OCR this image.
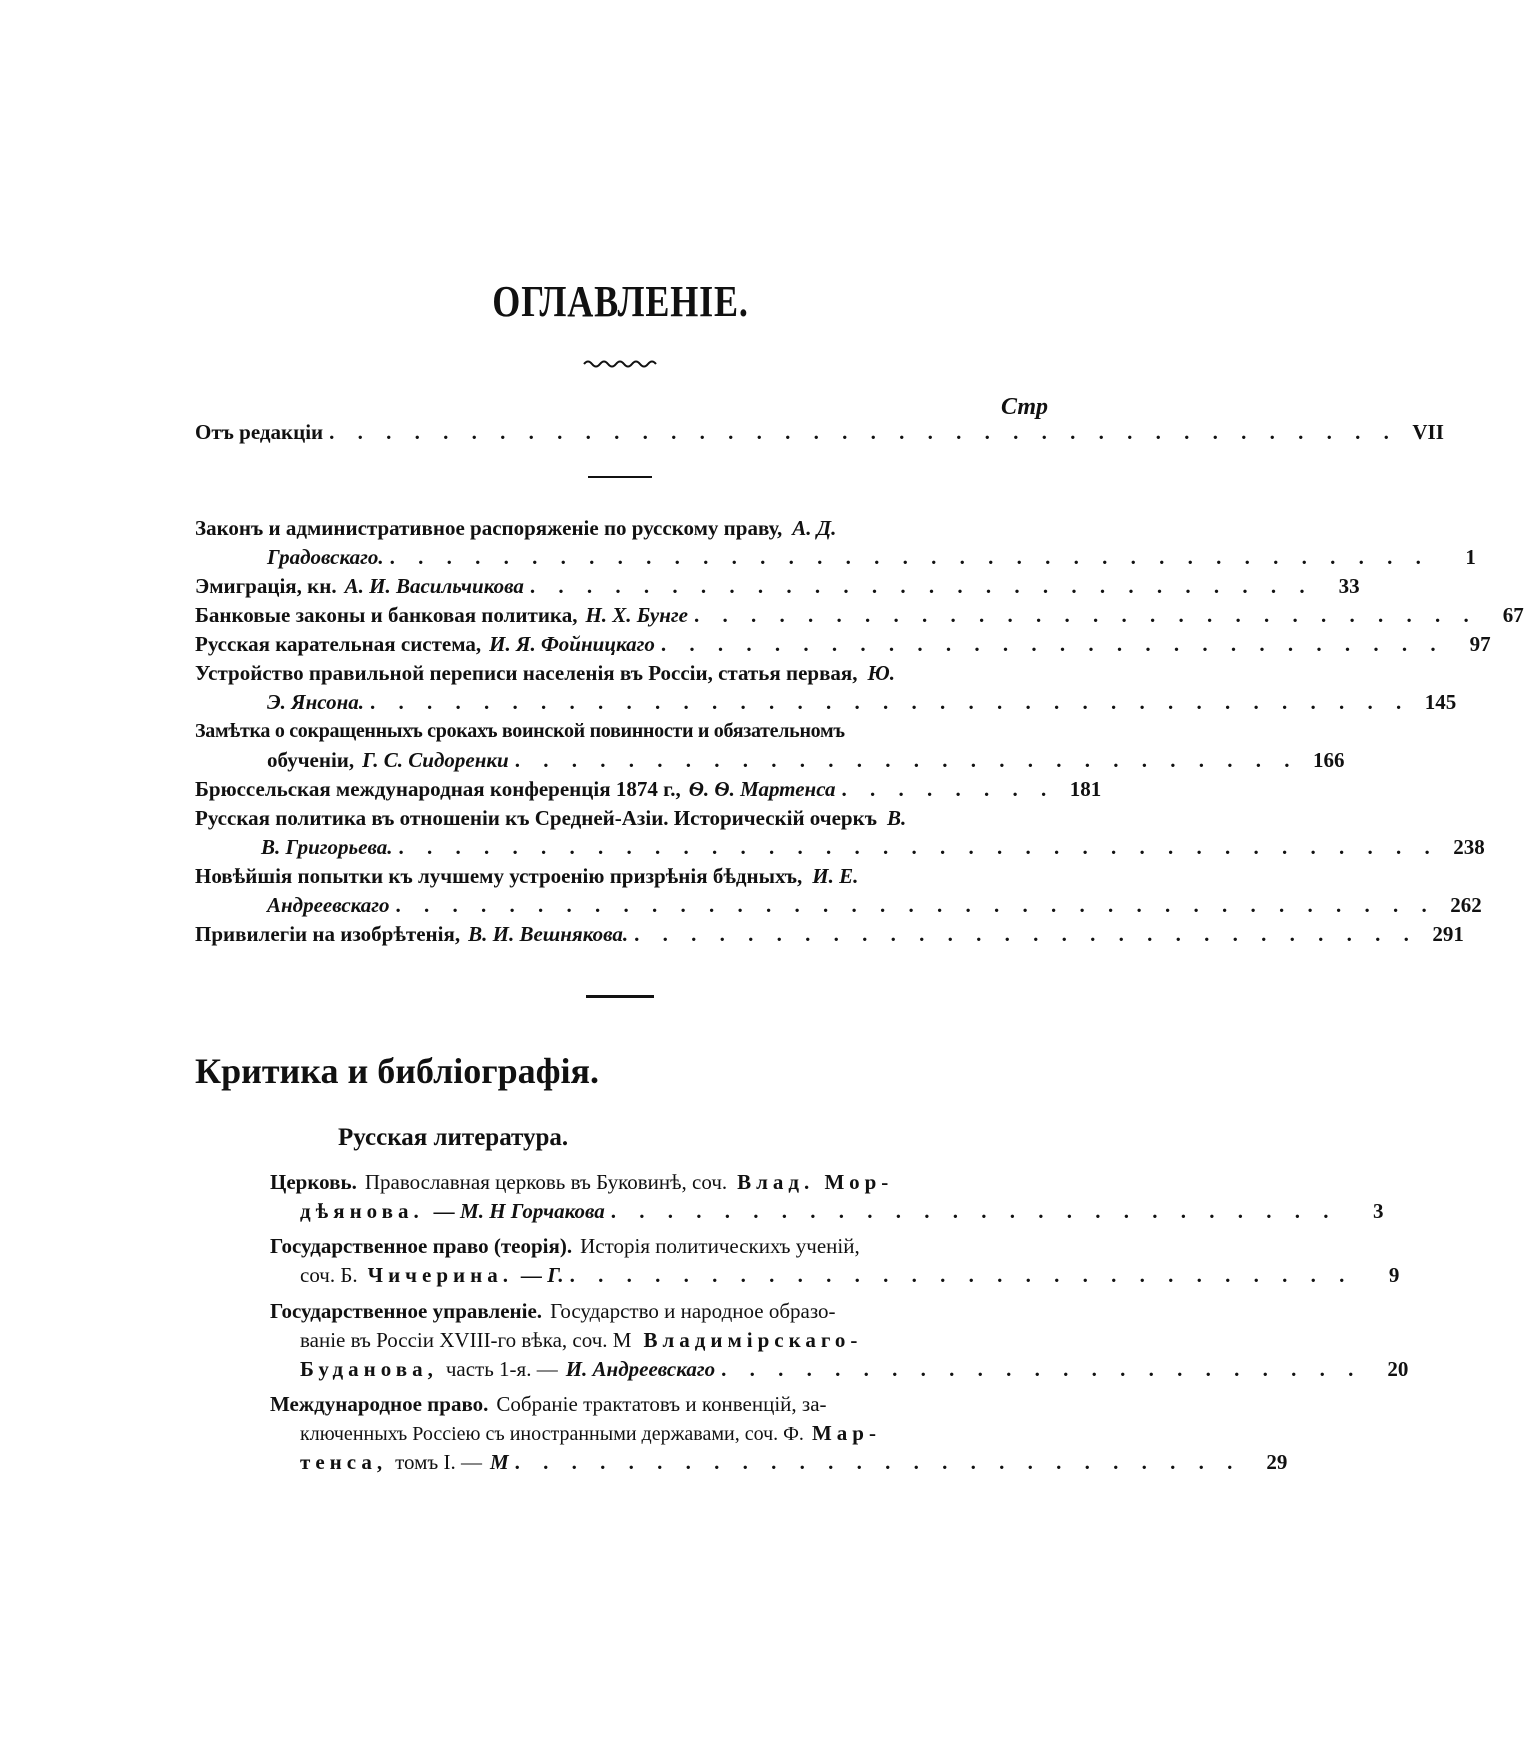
ОГЛАВЛЕНІЕ.
Стр
Отъ редакціи . . . . . . . . . . . . . . . . . . . . . . . . . . . . . . . . . . . . . . VII
Законъ и административное распоряженіе по русскому праву, А. Д.
Градовскаго. . . . . . . . . . . . . . . . . . . . . . . . . . . . . . . . . . . . . .	1
Эмиграція, кн. А. И. Васильчикова . . . . . . . . . . . . . . . . . . . . . . . . . . . .	33
Банковые законы и банковая политика, Н. Х. Бунге . . . . . . . . . . . . . . . . . . . . . . . . . . . .	67
Русская карательная система, И. Я. Фойницкаго . . . . . . . . . . . . . . . . . . . . . . . . . . . .	97
Устройство правильной переписи населенія въ Россіи, статья первая, Ю.
Э. Янсона. . . . . . . . . . . . . . . . . . . . . . . . . . . . . . . . . . . . . . 145
Замѣтка о сокращенныхъ срокахъ воинской повинности и обязательномъ
обученіи, Г. С. Сидоренки . . . . . . . . . . . . . . . . . . . . . . . . . . . . 166
Брюссельская международная конференція 1874 г., Ѳ. Ѳ. Мартенса . . . . . . . . 181
Русская политика въ отношеніи къ Средней-Азіи. Историческій очеркъ В.
В. Григорьева. . . . . . . . . . . . . . . . . . . . . . . . . . . . . . . . . . . . . . 238
Новѣйшія попытки къ лучшему устроенію призрѣнія бѣдныхъ, И. Е.
Андреевскаго . . . . . . . . . . . . . . . . . . . . . . . . . . . . . . . . . . . . . 262
Привилегіи на изобрѣтенія, В. И. Вешнякова. . . . . . . . . . . . . . . . . . . . . . . . . . . . . 291
Критика и библіографія.
Русская литература.
Церковь. Православная церковь въ Буковинѣ, соч. Влад. Мор-
дѣянова. — М. Н Горчакова . . . . . . . . . . . . . . . . . . . . . . . . . .	3
Государственное право (теорія). Исторія политическихъ ученій,
соч. Б. Чичерина. — Г. . . . . . . . . . . . . . . . . . . . . . . . . . . . .	9
Государственное управленіе. Государство и народное образо-
ваніе въ Россіи XVIII-го вѣка, соч. М Владимірскаго-
Буданова, часть 1-я. — И. Андреевскаго . . . . . . . . . . . . . . . . . . . . . . .	20
Международное право. Собраніе трактатовъ и конвенцій, за-
ключенныхъ Россіею съ иностранными державами, соч. Ф. Мар-
тенса, томъ I. — М . . . . . . . . . . . . . . . . . . . . . . . . . .	29
